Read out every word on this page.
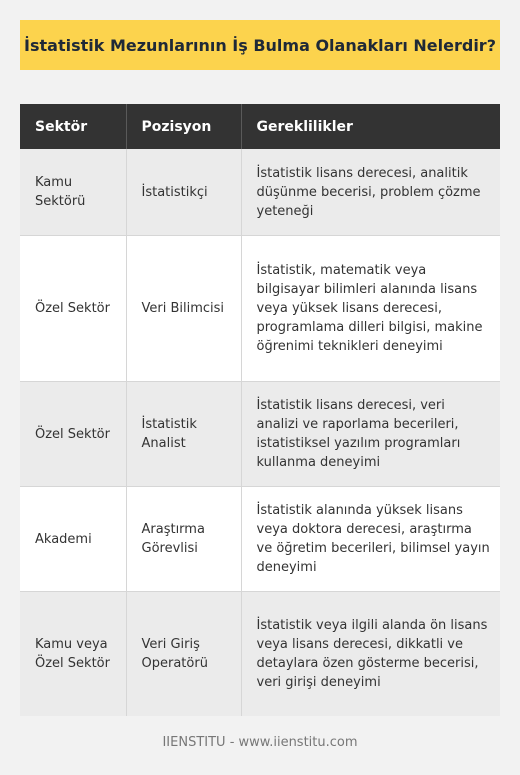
İstatistik Mezunlarının İş Bulma Olanakları Nelerdir?
Sektör	Pozisyon	Gereklilikler
Kamu Sektörü	İstatistikçi	İstatistik lisans derecesi, analitik düşünme becerisi, problem çözme yeteneği
Özel Sektör	Veri Bilimcisi	İstatistik, matematik veya bilgisayar bilimleri alanında lisans veya yüksek lisans derecesi, programlama dilleri bilgisi, makine öğrenimi teknikleri deneyimi
Özel Sektör	İstatistik Analist	İstatistik lisans derecesi, veri analizi ve raporlama becerileri, istatistiksel yazılım programları kullanma deneyimi
Akademi	Araştırma Görevlisi	İstatistik alanında yüksek lisans veya doktora derecesi, araştırma ve öğretim becerileri, bilimsel yayın deneyimi
Kamu veya Özel Sektör	Veri Giriş Operatörü	İstatistik veya ilgili alanda ön lisans veya lisans derecesi, dikkatli ve detaylara özen gösterme becerisi, veri girişi deneyimi
IIENSTITU - www.iienstitu.com
